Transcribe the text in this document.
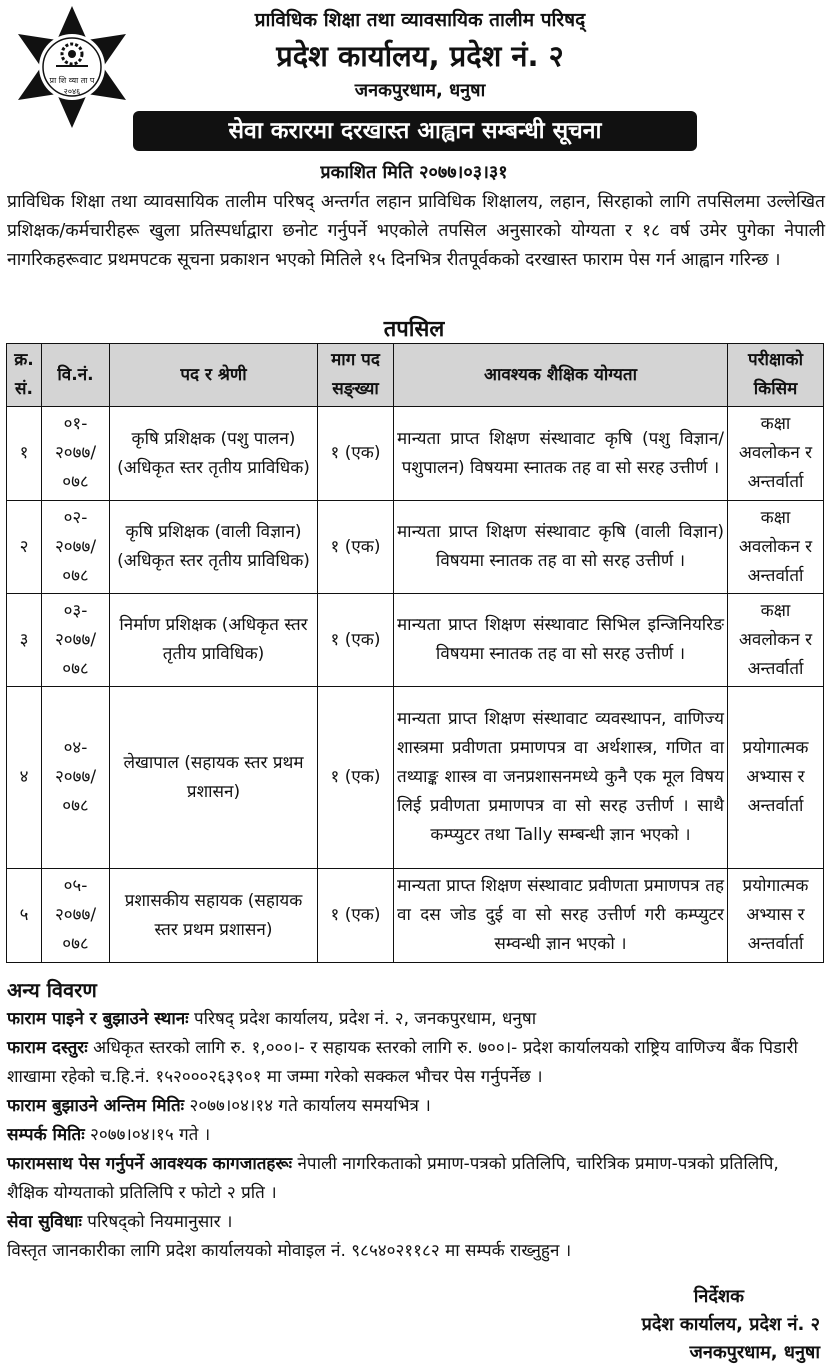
प्रा शि व्या ता प
२०४६
प्राविधिक शिक्षा तथा व्यावसायिक तालीम परिषद्
प्रदेश कार्यालय, प्रदेश नं. २
जनकपुरधाम, धनुषा
सेवा करारमा दरखास्त आह्वान सम्बन्धी सूचना
प्रकाशित मिति २०७७।०३।३१
प्राविधिक शिक्षा तथा व्यावसायिक तालीम परिषद् अन्तर्गत लहान प्राविधिक शिक्षालय, लहान, सिरहाको लागि तपसिलमा उल्लेखित प्रशिक्षक/कर्मचारीहरू खुला प्रतिस्पर्धाद्वारा छनोट गर्नुपर्ने भएकोले तपसिल अनुसारको योग्यता र १८ वर्ष उमेर पुगेका नेपाली नागरिकहरूवाट प्रथमपटक सूचना प्रकाशन भएको मितिले १५ दिनभित्र रीतपूर्वकको दरखास्त फाराम पेस गर्न आह्वान गरिन्छ ।
तपसिल
क्र. सं.	वि.नं.	पद र श्रेणी	माग पद सङ्ख्या	आवश्यक शैक्षिक योग्यता	परीक्षाको किसिम
१	०१- २०७७/ ०७८	कृषि प्रशिक्षक (पशु पालन) (अधिकृत स्तर तृतीय प्राविधिक)	१ (एक)	मान्यता प्राप्त शिक्षण संस्थावाट कृषि (पशु विज्ञान/पशुपालन) विषयमा स्नातक तह वा सो सरह उत्तीर्ण ।	कक्षा अवलोकन र अन्तर्वार्ता
२	०२- २०७७/ ०७८	कृषि प्रशिक्षक (वाली विज्ञान) (अधिकृत स्तर तृतीय प्राविधिक)	१ (एक)	मान्यता प्राप्त शिक्षण संस्थावाट कृषि (वाली विज्ञान) विषयमा स्नातक तह वा सो सरह उत्तीर्ण ।	कक्षा अवलोकन र अन्तर्वार्ता
३	०३- २०७७/ ०७८	निर्माण प्रशिक्षक (अधिकृत स्तर तृतीय प्राविधिक)	१ (एक)	मान्यता प्राप्त शिक्षण संस्थावाट सिभिल इन्जिनियरिङ विषयमा स्नातक तह वा सो सरह उत्तीर्ण ।	कक्षा अवलोकन र अन्तर्वार्ता
४	०४- २०७७/ ०७८	लेखापाल (सहायक स्तर प्रथम प्रशासन)	१ (एक)	मान्यता प्राप्त शिक्षण संस्थावाट व्यवस्थापन, वाणिज्य शास्त्रमा प्रवीणता प्रमाणपत्र वा अर्थशास्त्र, गणित वा तथ्याङ्क शास्त्र वा जनप्रशासनमध्ये कुनै एक मूल विषय लिई प्रवीणता प्रमाणपत्र वा सो सरह उत्तीर्ण । साथै कम्प्युटर तथा Tally सम्बन्धी ज्ञान भएको ।	प्रयोगात्मक अभ्यास र अन्तर्वार्ता
५	०५- २०७७/ ०७८	प्रशासकीय सहायक (सहायक स्तर प्रथम प्रशासन)	१ (एक)	मान्यता प्राप्त शिक्षण संस्थावाट प्रवीणता प्रमाणपत्र तह वा दस जोड दुई वा सो सरह उत्तीर्ण गरी कम्प्युटर सम्वन्धी ज्ञान भएको ।	प्रयोगात्मक अभ्यास र अन्तर्वार्ता
अन्य विवरण

फाराम पाइने र बुझाउने स्थानः परिषद् प्रदेश कार्यालय, प्रदेश नं. २, जनकपुरधाम, धनुषा

फाराम दस्तुरः अधिकृत स्तरको लागि रु. १,०००।- र सहायक स्तरको लागि रु. ७००।- प्रदेश कार्यालयको राष्ट्रिय वाणिज्य बैंक पिडारी शाखामा रहेको च.हि.नं. १५२०००२६३९०१ मा जम्मा गरेको सक्कल भौचर पेस गर्नुपर्नेछ ।

फाराम बुझाउने अन्तिम मितिः २०७७।०४।१४ गते कार्यालय समयभित्र ।

सम्पर्क मितिः २०७७।०४।१५ गते ।

फारामसाथ पेस गर्नुपर्ने आवश्यक कागजातहरूः नेपाली नागरिकताको प्रमाण-पत्रको प्रतिलिपि, चारित्रिक प्रमाण-पत्रको प्रतिलिपि, शैक्षिक योग्यताको प्रतिलिपि र फोटो २ प्रति ।

सेवा सुविधाः परिषद्को नियमानुसार ।

विस्तृत जानकारीका लागि प्रदेश कार्यालयको मोवाइल नं. ९८५४०२११८२ मा सम्पर्क राख्नुहुन ।

निर्देशक
प्रदेश कार्यालय, प्रदेश नं. २
जनकपुरधाम, धनुषा
